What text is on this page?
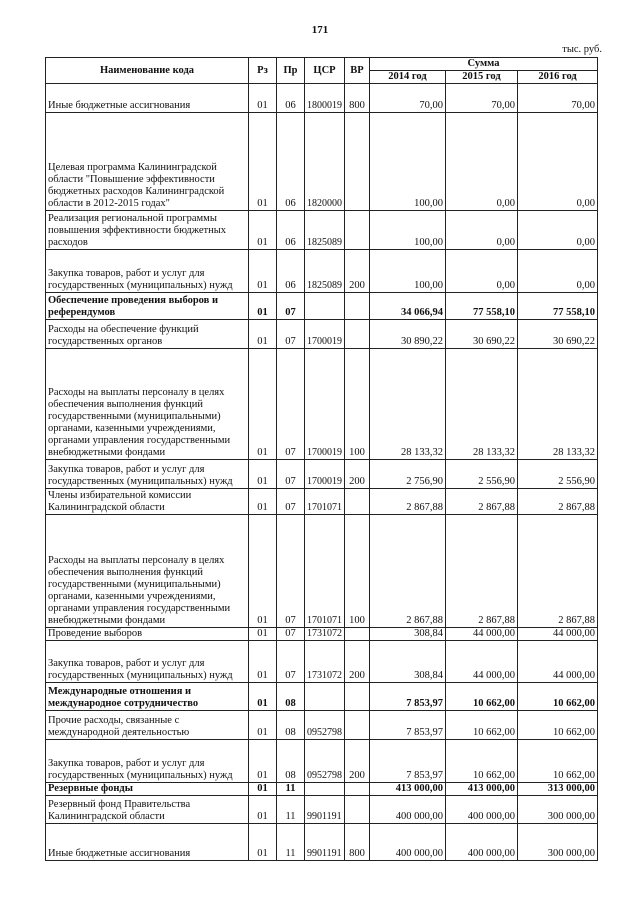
171
тыс. руб.
Наименование кода	Рз	Пр	ЦСР	ВР	Сумма		
					2014 год	2015 год	2016 год
Иные бюджетные ассигнования	01	06	1800019	800	70,00	70,00	70,00
Целевая программа Калининградской области "Повышение эффективности бюджетных расходов Калининградской области в 2012-2015 годах"	01	06	1820000		100,00	0,00	0,00
Реализация региональной программы повышения эффективности бюджетных расходов	01	06	1825089		100,00	0,00	0,00
Закупка товаров, работ и услуг для государственных (муниципальных) нужд	01	06	1825089	200	100,00	0,00	0,00
Обеспечение проведения выборов и референдумов	01	07			34 066,94	77 558,10	77 558,10
Расходы на обеспечение функций государственных органов	01	07	1700019		30 890,22	30 690,22	30 690,22
Расходы на выплаты персоналу в целях обеспечения выполнения функций государственными (муниципальными) органами, казенными учреждениями, органами управления государственными внебюджетными фондами	01	07	1700019	100	28 133,32	28 133,32	28 133,32
Закупка товаров, работ и услуг для государственных (муниципальных) нужд	01	07	1700019	200	2 756,90	2 556,90	2 556,90
Члены избирательной комиссии Калининградской области	01	07	1701071		2 867,88	2 867,88	2 867,88
Расходы на выплаты персоналу в целях обеспечения выполнения функций государственными (муниципальными) органами, казенными учреждениями, органами управления государственными внебюджетными фондами	01	07	1701071	100	2 867,88	2 867,88	2 867,88
Проведение выборов	01	07	1731072		308,84	44 000,00	44 000,00
Закупка товаров, работ и услуг для государственных (муниципальных) нужд	01	07	1731072	200	308,84	44 000,00	44 000,00
Международные отношения и международное сотрудничество	01	08			7 853,97	10 662,00	10 662,00
Прочие расходы, связанные с международной деятельностью	01	08	0952798		7 853,97	10 662,00	10 662,00
Закупка товаров, работ и услуг для государственных (муниципальных) нужд	01	08	0952798	200	7 853,97	10 662,00	10 662,00
Резервные фонды	01	11			413 000,00	413 000,00	313 000,00
Резервный фонд Правительства Калининградской области	01	11	9901191		400 000,00	400 000,00	300 000,00
Иные бюджетные ассигнования	01	11	9901191	800	400 000,00	400 000,00	300 000,00
